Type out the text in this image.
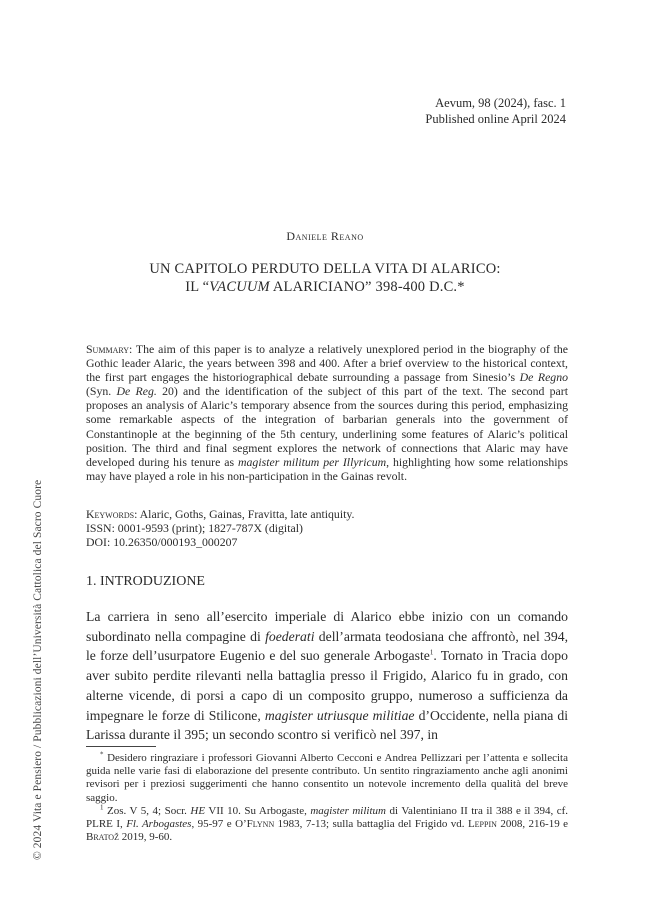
© 2024 Vita e Pensiero / Pubblicazioni dell’Università Cattolica del Sacro Cuore
Aevum, 98 (2024), fasc. 1
Published online April 2024
Daniele Reano
UN CAPITOLO PERDUTO DELLA VITA DI ALARICO:
IL “VACUUM ALARICIANO” 398-400 D.C.*
Summary: The aim of this paper is to analyze a relatively unexplored period in the biography of the Gothic leader Alaric, the years between 398 and 400. After a brief overview to the historical context, the first part engages the historiographical debate surrounding a passage from Sinesio’s De Regno (Syn. De Reg. 20) and the identification of the subject of this part of the text. The second part proposes an analysis of Alaric’s temporary absence from the sources during this period, emphasizing some remarkable aspects of the integration of barbarian generals into the government of Constantinople at the beginning of the 5th century, underlining some features of Alaric’s political position. The third and final segment explores the network of connections that Alaric may have developed during his tenure as magister militum per Illyricum, highlighting how some relationships may have played a role in his non-participation in the Gainas revolt.
Keywords: Alaric, Goths, Gainas, Fravitta, late antiquity.
ISSN: 0001-9593 (print); 1827-787X (digital)
DOI: 10.26350/000193_000207
1. INTRODUZIONE
La carriera in seno all’esercito imperiale di Alarico ebbe inizio con un comando subordinato nella compagine di foederati dell’armata teodosiana che affrontò, nel 394, le forze dell’usurpatore Eugenio e del suo generale Arbogaste$^1$. Tornato in Tracia dopo aver subito perdite rilevanti nella battaglia presso il Frigido, Alarico fu in grado, con alterne vicende, di porsi a capo di un composito gruppo, numeroso a sufficienza da impegnare le forze di Stilicone, magister utriusque militiae d’Occidente, nella piana di Larissa durante il 395; un secondo scontro si verificò nel 397, in

* Desidero ringraziare i professori Giovanni Alberto Cecconi e Andrea Pellizzari per l’attenta e sollecita guida nelle varie fasi di elaborazione del presente contributo. Un sentito ringraziamento anche agli anonimi revisori per i preziosi suggerimenti che hanno consentito un notevole incremento della qualità del breve saggio.

$^1$ Zos. V 5, 4; Socr. HE VII 10. Su Arbogaste, magister militum di Valentiniano II tra il 388 e il 394, cf. PLRE I, Fl. Arbogastes, 95-97 e O’Flynn 1983, 7-13; sulla battaglia del Frigido vd. Leppin 2008, 216-19 e Bratož 2019, 9-60.
